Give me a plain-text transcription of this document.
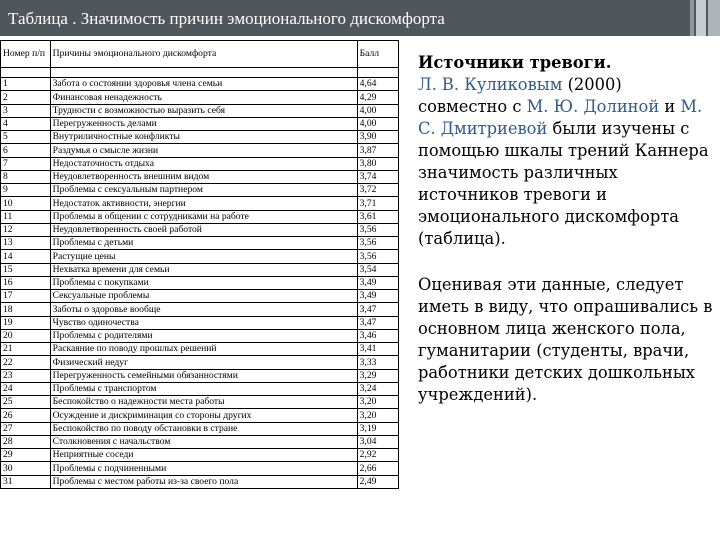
Таблица . Значимость причин эмоционального дискомфорта
Номер п/п	Причины эмоционального дискомфорта	Балл

1	Забота о состоянии здоровья члена семьи	4,64
2	Финансовая ненадежность	4,29
3	Трудности с возможностью выразить себя	4,00
4	Перегруженность делами	4,00
5	Внутриличностные конфликты	3,90
6	Раздумья о смысле жизни	3,87
7	Недостаточность отдыха	3,80
8	Неудовлетворенность внешним видом	3,74
9	Проблемы с сексуальным партнером	3,72
10	Недостаток активности, энергии	3,71
11	Проблемы в общении с сотрудниками на работе	3,61
12	Неудовлетворенность своей работой	3,56
13	Проблемы с детьми	3,56
14	Растущие цены	3,56
15	Нехватка времени для семьи	3,54
16	Проблемы с покупками	3,49
17	Сексуальные проблемы	3,49
18	Заботы о здоровье вообще	3,47
19	Чувство одиночества	3,47
20	Проблемы с родителями	3,46
21	Раскаяние по поводу прошлых решений	3,41
22	Физический недуг	3,33
23	Перегруженность семейными обязанностями	3,29
24	Проблемы с транспортом	3,24
25	Беспокойство о надежности места работы	3,20
26	Осуждение и дискриминация со стороны других	3,20
27	Беспокойство по поводу обстановки в стране	3,19
28	Столкновения с начальством	3,04
29	Неприятные соседи	2,92
30	Проблемы с подчиненными	2,66
31	Проблемы с местом работы из-за своего пола	2,49

Источники тревоги.
Л. В. Куликовым (2000) совместно с М. Ю. Долиной и М. С. Дмитриевой были изучены с помощью шкалы трений Каннера значимость различных источников тревоги и эмоционального дискомфорта (таблица).

Оценивая эти данные, следует иметь в виду, что опрашивались в основном лица женского пола, гуманитарии (студенты, врачи, работники детских дошкольных учреждений).
